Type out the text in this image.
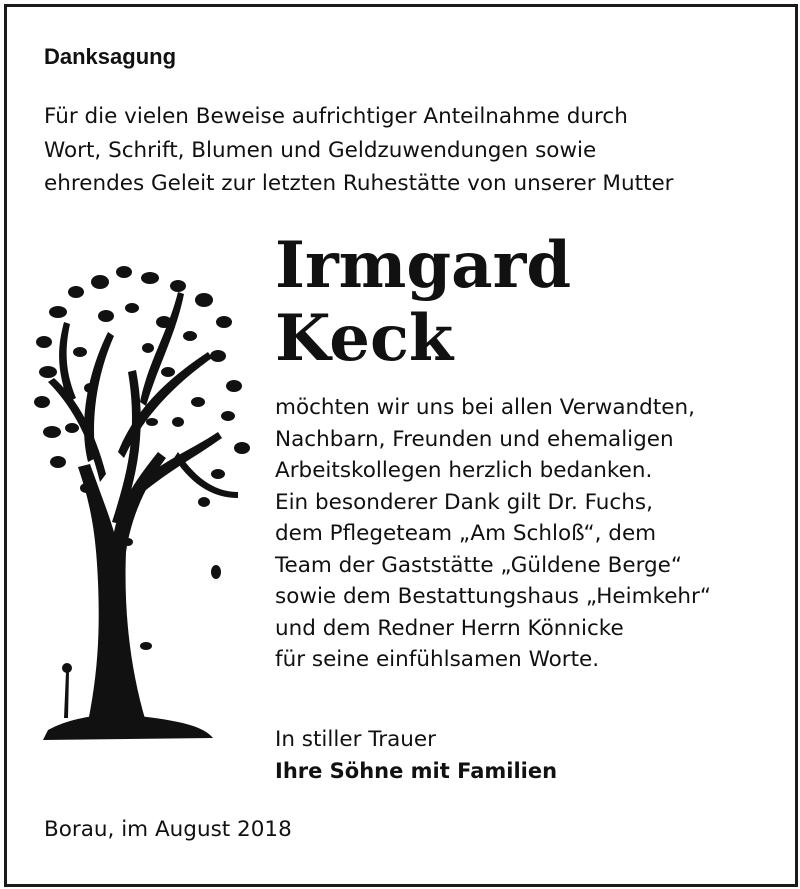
Danksagung

Für die vielen Beweise aufrichtiger Anteilnahme durch
Wort, Schrift, Blumen und Geldzuwendungen sowie
ehrendes Geleit zur letzten Ruhestätte von unserer Mutter

Irmgard
Keck

möchten wir uns bei allen Verwandten,
Nachbarn, Freunden und ehemaligen
Arbeitskollegen herzlich bedanken.
Ein besonderer Dank gilt Dr. Fuchs,
dem Pflegeteam „Am Schloß“, dem
Team der Gaststätte „Güldene Berge“
sowie dem Bestattungshaus „Heimkehr“
und dem Redner Herrn Könnicke
für seine einfühlsamen Worte.

In stiller Trauer

Ihre Söhne mit Familien

Borau, im August 2018
